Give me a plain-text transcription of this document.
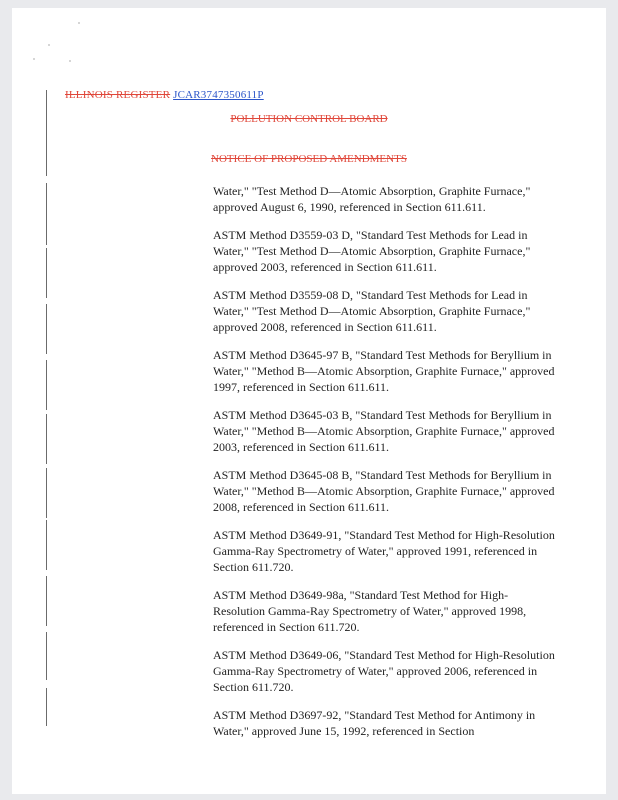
ILLINOIS REGISTER JCAR3747350611P
POLLUTION CONTROL BOARD
NOTICE OF PROPOSED AMENDMENTS
Water," "Test Method D—Atomic Absorption, Graphite Furnace," approved August 6, 1990, referenced in Section 611.611.
ASTM Method D3559-03 D, "Standard Test Methods for Lead in Water," "Test Method D—Atomic Absorption, Graphite Furnace," approved 2003, referenced in Section 611.611.
ASTM Method D3559-08 D, "Standard Test Methods for Lead in Water," "Test Method D—Atomic Absorption, Graphite Furnace," approved 2008, referenced in Section 611.611.
ASTM Method D3645-97 B, "Standard Test Methods for Beryllium in Water," "Method B—Atomic Absorption, Graphite Furnace," approved 1997, referenced in Section 611.611.
ASTM Method D3645-03 B, "Standard Test Methods for Beryllium in Water," "Method B—Atomic Absorption, Graphite Furnace," approved 2003, referenced in Section 611.611.
ASTM Method D3645-08 B, "Standard Test Methods for Beryllium in Water," "Method B—Atomic Absorption, Graphite Furnace," approved 2008, referenced in Section 611.611.
ASTM Method D3649-91, "Standard Test Method for High-Resolution Gamma-Ray Spectrometry of Water," approved 1991, referenced in Section 611.720.
ASTM Method D3649-98a, "Standard Test Method for High-Resolution Gamma-Ray Spectrometry of Water," approved 1998, referenced in Section 611.720.
ASTM Method D3649-06, "Standard Test Method for High-Resolution Gamma-Ray Spectrometry of Water," approved 2006, referenced in Section 611.720.
ASTM Method D3697-92, "Standard Test Method for Antimony in Water," approved June 15, 1992, referenced in Section
